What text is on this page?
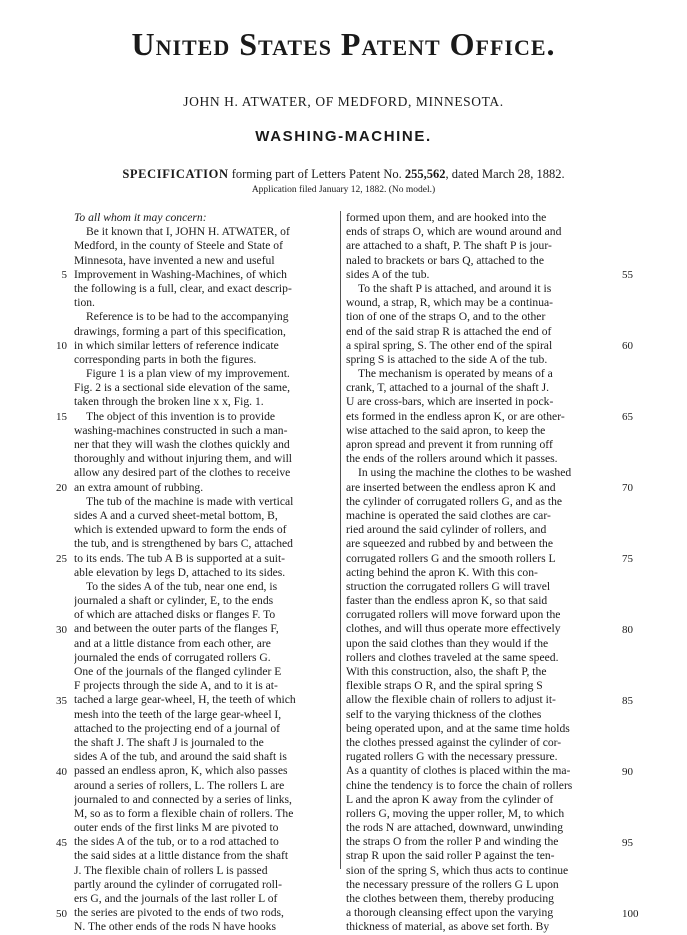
United States Patent Office.
JOHN H. ATWATER, OF MEDFORD, MINNESOTA.
WASHING-MACHINE.
SPECIFICATION forming part of Letters Patent No. 255,562, dated March 28, 1882.
Application filed January 12, 1882. (No model.)
To all whom it may concern:
Be it known that I, JOHN H. ATWATER, of
Medford, in the county of Steele and State of
Minnesota, have invented a new and useful
Improvement in Washing-Machines, of which
the following is a full, clear, and exact descrip-
tion.
Reference is to be had to the accompanying
drawings, forming a part of this specification,
in which similar letters of reference indicate
corresponding parts in both the figures.
Figure 1 is a plan view of my improvement.
Fig. 2 is a sectional side elevation of the same,
taken through the broken line x x, Fig. 1.
The object of this invention is to provide
washing-machines constructed in such a man-
ner that they will wash the clothes quickly and
thoroughly and without injuring them, and will
allow any desired part of the clothes to receive
an extra amount of rubbing.
The tub of the machine is made with vertical
sides A and a curved sheet-metal bottom, B,
which is extended upward to form the ends of
the tub, and is strengthened by bars C, attached
to its ends. The tub A B is supported at a suit-
able elevation by legs D, attached to its sides.
To the sides A of the tub, near one end, is
journaled a shaft or cylinder, E, to the ends
of which are attached disks or flanges F. To
and between the outer parts of the flanges F,
and at a little distance from each other, are
journaled the ends of corrugated rollers G.
One of the journals of the flanged cylinder E
F projects through the side A, and to it is at-
tached a large gear-wheel, H, the teeth of which
mesh into the teeth of the large gear-wheel I,
attached to the projecting end of a journal of
the shaft J. The shaft J is journaled to the
sides A of the tub, and around the said shaft is
passed an endless apron, K, which also passes
around a series of rollers, L. The rollers L are
journaled to and connected by a series of links,
M, so as to form a flexible chain of rollers. The
outer ends of the first links M are pivoted to
the sides A of the tub, or to a rod attached to
the said sides at a little distance from the shaft
J. The flexible chain of rollers L is passed
partly around the cylinder of corrugated roll-
ers G, and the journals of the last roller L of
the series are pivoted to the ends of two rods,
N. The other ends of the rods N have hooks
formed upon them, and are hooked into the
ends of straps O, which are wound around and
are attached to a shaft, P. The shaft P is jour-
naled to brackets or bars Q, attached to the
sides A of the tub.
To the shaft P is attached, and around it is
wound, a strap, R, which may be a continua-
tion of one of the straps O, and to the other
end of the said strap R is attached the end of
a spiral spring, S. The other end of the spiral
spring S is attached to the side A of the tub.
The mechanism is operated by means of a
crank, T, attached to a journal of the shaft J.
U are cross-bars, which are inserted in pock-
ets formed in the endless apron K, or are other-
wise attached to the said apron, to keep the
apron spread and prevent it from running off
the ends of the rollers around which it passes.
In using the machine the clothes to be washed
are inserted between the endless apron K and
the cylinder of corrugated rollers G, and as the
machine is operated the said clothes are car-
ried around the said cylinder of rollers, and
are squeezed and rubbed by and between the
corrugated rollers G and the smooth rollers L
acting behind the apron K. With this con-
struction the corrugated rollers G will travel
faster than the endless apron K, so that said
corrugated rollers will move forward upon the
clothes, and will thus operate more effectively
upon the said clothes than they would if the
rollers and clothes traveled at the same speed.
With this construction, also, the shaft P, the
flexible straps O R, and the spiral spring S
allow the flexible chain of rollers to adjust it-
self to the varying thickness of the clothes
being operated upon, and at the same time holds
the clothes pressed against the cylinder of cor-
rugated rollers G with the necessary pressure.
As a quantity of clothes is placed within the ma-
chine the tendency is to force the chain of rollers
L and the apron K away from the cylinder of
rollers G, moving the upper roller, M, to which
the rods N are attached, downward, unwinding
the straps O from the roller P and winding the
strap R upon the said roller P against the ten-
sion of the spring S, which thus acts to continue
the necessary pressure of the rollers G L upon
the clothes between them, thereby producing
a thorough cleansing effect upon the varying
thickness of material, as above set forth. By
5
10
15
20
25
30
35
40
45
50
55
60
65
70
75
80
85
90
95
100
